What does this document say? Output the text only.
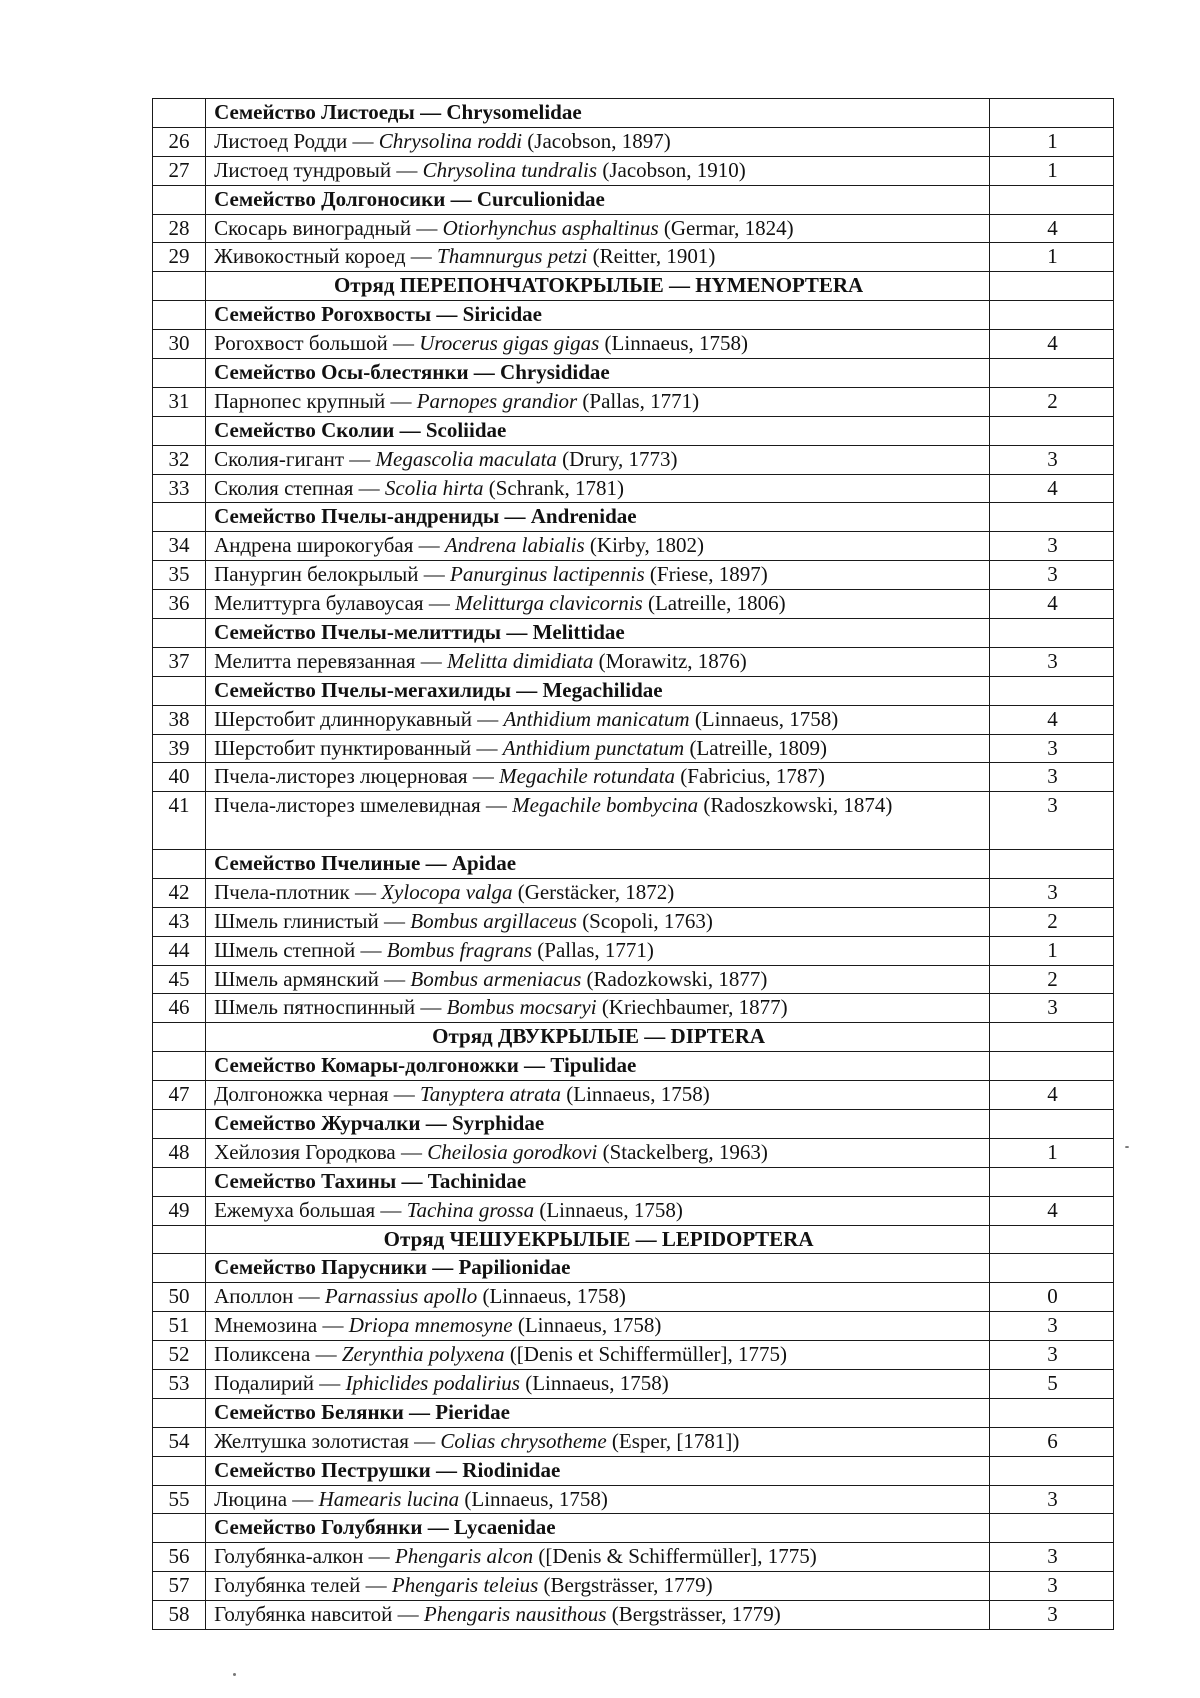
	Семейство Листоеды — Chrysomelidae	
26	Листоед Родди — Chrysolina roddi (Jacobson, 1897)	1
27	Листоед тундровый — Chrysolina tundralis (Jacobson, 1910)	1
	Семейство Долгоносики — Curculionidae	
28	Скосарь виноградный — Otiorhynchus asphaltinus (Germar, 1824)	4
29	Живокостный короед — Thamnurgus petzi (Reitter, 1901)	1
	Отряд ПЕРЕПОНЧАТОКРЫЛЫЕ — HYMENOPTERA	
	Семейство Рогохвосты — Siricidae	
30	Рогохвост большой — Urocerus gigas gigas (Linnaeus, 1758)	4
	Семейство Осы-блестянки — Chrysididae	
31	Парнопес крупный — Parnopes grandior (Pallas, 1771)	2
	Семейство Сколии — Scoliidae	
32	Сколия-гигант — Megascolia maculata (Drury, 1773)	3
33	Сколия степная — Scolia hirta (Schrank, 1781)	4
	Семейство Пчелы-андрениды — Andrenidae	
34	Андрена широкогубая — Andrena labialis (Kirby, 1802)	3
35	Панургин белокрылый — Panurginus lactipennis (Friese, 1897)	3
36	Мелиттурга булавоусая — Melitturga clavicornis (Latreille, 1806)	4
	Семейство Пчелы-мелиттиды — Melittidae	
37	Мелитта перевязанная — Melitta dimidiata (Morawitz, 1876)	3
	Семейство Пчелы-мегахилиды — Megachilidae	
38	Шерстобит длиннорукавный — Anthidium manicatum (Linnaeus, 1758)	4
39	Шерстобит пунктированный — Anthidium punctatum (Latreille, 1809)	3
40	Пчела-листорез люцерновая — Megachile rotundata (Fabricius, 1787)	3
41	Пчела-листорез шмелевидная — Megachile bombycina (Radoszkowski, 1874)	3
	Семейство Пчелиные — Apidae	
42	Пчела-плотник — Xylocopa valga (Gerstäcker, 1872)	3
43	Шмель глинистый — Bombus argillaceus (Scopoli, 1763)	2
44	Шмель степной — Bombus fragrans (Pallas, 1771)	1
45	Шмель армянский — Bombus armeniacus (Radozkowski, 1877)	2
46	Шмель пятноспинный — Bombus mocsaryi (Kriechbaumer, 1877)	3
	Отряд ДВУКРЫЛЫЕ — DIPTERA	
	Семейство Комары-долгоножки — Tipulidae	
47	Долгоножка черная — Tanyptera atrata (Linnaeus, 1758)	4
	Семейство Журчалки — Syrphidae	
48	Хейлозия Городкова — Cheilosia gorodkovi (Stackelberg, 1963)	1
	Семейство Тахины — Tachinidae	
49	Ежемуха большая — Tachina grossa (Linnaeus, 1758)	4
	Отряд ЧЕШУЕКРЫЛЫЕ — LEPIDOPTERA	
	Семейство Парусники — Papilionidae	
50	Аполлон — Parnassius apollo (Linnaeus, 1758)	0
51	Мнемозина — Driopa mnemosyne (Linnaeus, 1758)	3
52	Поликсена — Zerynthia polyxena ([Denis et Schiffermüller], 1775)	3
53	Подалирий — Iphiclides podalirius (Linnaeus, 1758)	5
	Семейство Белянки — Pieridae	
54	Желтушка золотистая — Colias chrysotheme (Esper, [1781])	6
	Семейство Пеструшки — Riodinidae	
55	Люцина — Hamearis lucina (Linnaeus, 1758)	3
	Семейство Голубянки — Lycaenidae	
56	Голубянка-алкон — Phengaris alcon ([Denis & Schiffermüller], 1775)	3
57	Голубянка телей — Phengaris teleius (Bergsträsser, 1779)	3
58	Голубянка навситой — Phengaris nausithous (Bergsträsser, 1779)	3
